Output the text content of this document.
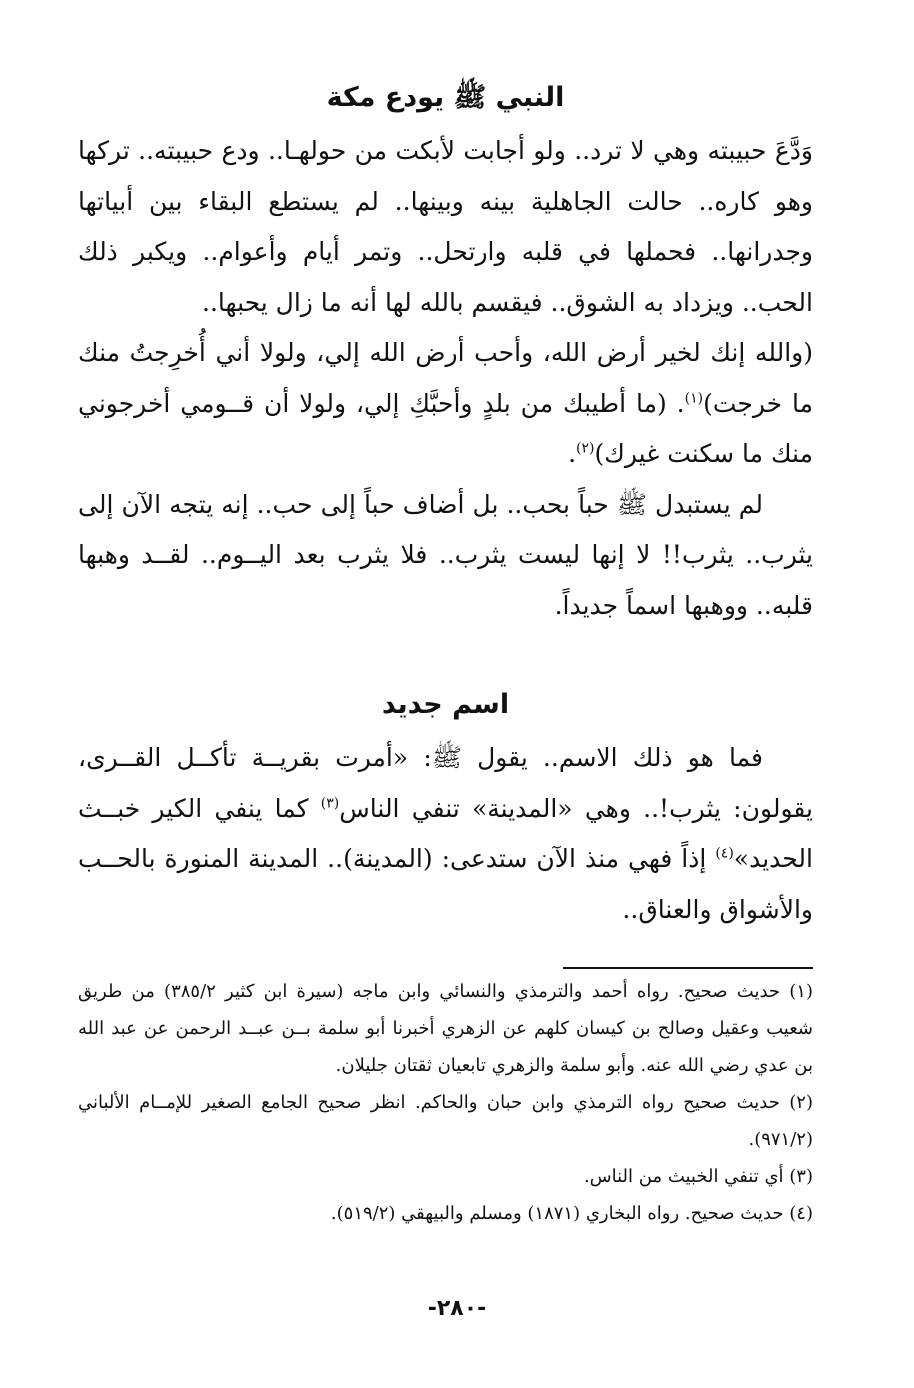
النبي ﷺ يودع مكة

وَدَّعَ حبيبته وهي لا ترد.. ولو أجابت لأبكت من حولهـا.. ودع حبيبته.. تركها وهو كاره.. حالت الجاهلية بينه وبينها.. لم يستطع البقاء بين أبياتها وجدرانها.. فحملها في قلبه وارتحل.. وتمر أيام وأعوام.. ويكبر ذلك الحب.. ويزداد به الشوق.. فيقسم بالله لها أنه ما زال يحبها..

(والله إنك لخير أرض الله، وأحب أرض الله إلي، ولولا أني أُخرِجتُ منك ما خرجت)$^{(١)}$. (ما أطيبك من بلدٍ وأحبَّكِ إلي، ولولا أن قــومي أخرجوني منك ما سكنت غيرك)$^{(٢)}$.

لم يستبدل ﷺ حباً بحب.. بل أضاف حباً إلى حب.. إنه يتجه الآن إلى يثرب.. يثرب!! لا إنها ليست يثرب.. فلا يثرب بعد اليــوم.. لقــد وهبها قلبه.. ووهبها اسماً جديداً.

اسم جديد

فما هو ذلك الاسم.. يقول ﷺ: «أمرت بقريــة تأكــل القــرى، يقولون: يثرب!.. وهي «المدينة» تنفي الناس$^{(٣)}$ كما ينفي الكير خبــث الحديد»$^{(٤)}$ إذاً فهي منذ الآن ستدعى: (المدينة).. المدينة المنورة بالحــب والأشواق والعناق..

(١) حديث صحيح. رواه أحمد والترمذي والنسائي وابن ماجه (سيرة ابن كثير ٣٨٥/٢) من طريق شعيب وعقيل وصالح بن كيسان كلهم عن الزهري أخبرنا أبو سلمة بــن عبــد الرحمن عن عبد الله بن عدي رضي الله عنه. وأبو سلمة والزهري تابعيان ثقتان جليلان.

(٢) حديث صحيح رواه الترمذي وابن حبان والحاكم. انظر صحيح الجامع الصغير للإمــام الألباني (٩٧١/٢).

(٣) أي تنفي الخبيث من الناس.

(٤) حديث صحيح. رواه البخاري (١٨٧١) ومسلم والبيهقي (٥١٩/٢).

-٢٨٠-
